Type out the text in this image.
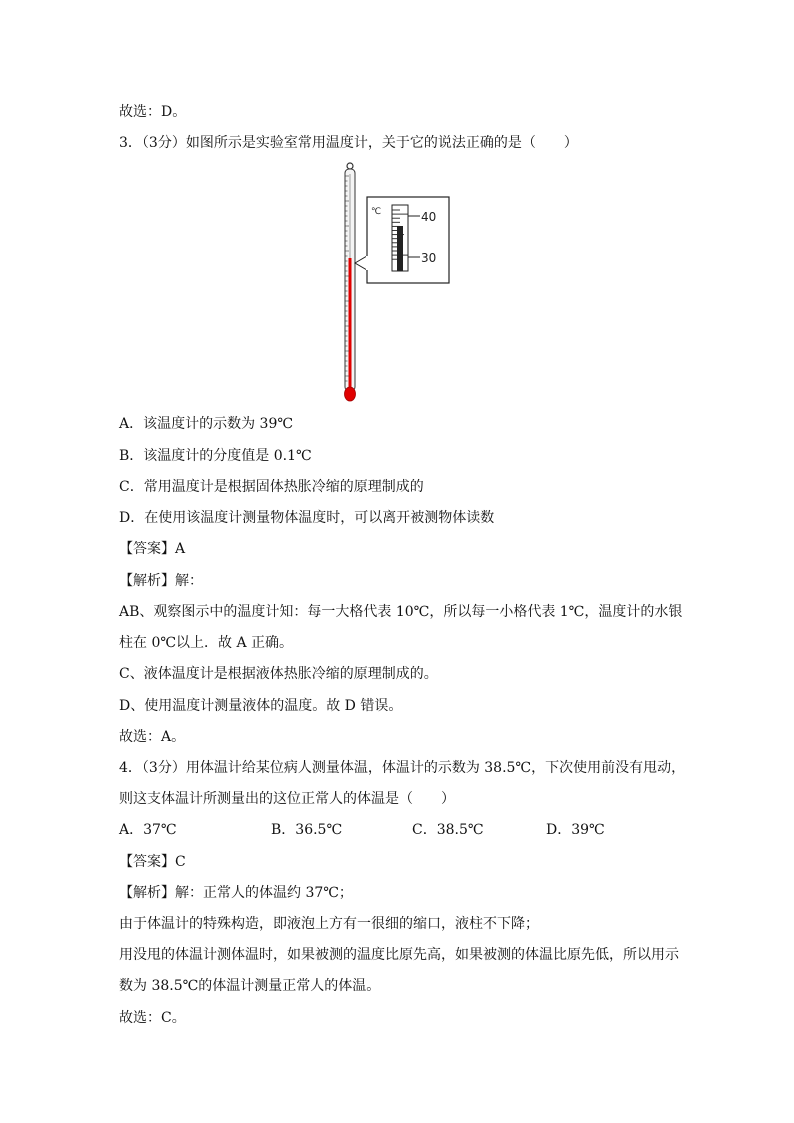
故选：D。
3．（3分）如图所示是实验室常用温度计，关于它的说法正确的是（　　）
℃	40
30
A．该温度计的示数为 39℃
B．该温度计的分度值是 0.1℃
C．常用温度计是根据固体热胀冷缩的原理制成的
D．在使用该温度计测量物体温度时，可以离开被测物体读数
【答案】A
【解析】解：
AB、观察图示中的温度计知：每一大格代表 10℃，所以每一小格代表 1℃，温度计的水银
柱在 0℃以上．故 A 正确。
C、液体温度计是根据液体热胀冷缩的原理制成的。
D、使用温度计测量液体的温度。故 D 错误。
故选：A。
4．（3分）用体温计给某位病人测量体温，体温计的示数为 38.5℃，下次使用前没有甩动，
则这支体温计所测量出的这位正常人的体温是（　　）
A．37℃	B．36.5℃	C．38.5℃	D．39℃
【答案】C
【解析】解：正常人的体温约 37℃；
由于体温计的特殊构造，即液泡上方有一很细的缩口，液柱不下降；
用没甩的体温计测体温时，如果被测的温度比原先高，如果被测的体温比原先低，所以用示
数为 38.5℃的体温计测量正常人的体温。
故选：C。
